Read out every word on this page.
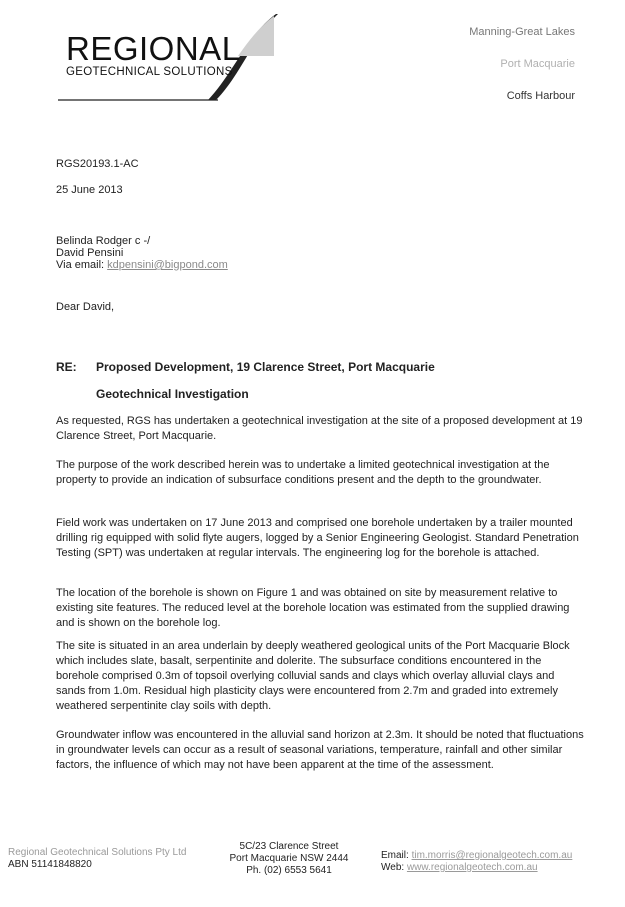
REGIONAL
GEOTECHNICAL SOLUTIONS
Manning-Great Lakes
Port Macquarie
Coffs Harbour
RGS20193.1-AC
25 June 2013
Belinda Rodger c -/
David Pensini
Via email: kdpensini@bigpond.com
Dear David,
RE: Proposed Development, 19 Clarence Street, Port Macquarie
Geotechnical Investigation
As requested, RGS has undertaken a geotechnical investigation at the site of a proposed development at 19 Clarence Street, Port Macquarie.
The purpose of the work described herein was to undertake a limited geotechnical investigation at the property to provide an indication of subsurface conditions present and the depth to the groundwater.
Field work was undertaken on 17 June 2013 and comprised one borehole undertaken by a trailer mounted drilling rig equipped with solid flyte augers, logged by a Senior Engineering Geologist. Standard Penetration Testing (SPT) was undertaken at regular intervals. The engineering log for the borehole is attached.
The location of the borehole is shown on Figure 1 and was obtained on site by measurement relative to existing site features. The reduced level at the borehole location was estimated from the supplied drawing and is shown on the borehole log.
The site is situated in an area underlain by deeply weathered geological units of the Port Macquarie Block which includes slate, basalt, serpentinite and dolerite. The subsurface conditions encountered in the borehole comprised 0.3m of topsoil overlying colluvial sands and clays which overlay alluvial clays and sands from 1.0m. Residual high plasticity clays were encountered from 2.7m and graded into extremely weathered serpentinite clay soils with depth.
Groundwater inflow was encountered in the alluvial sand horizon at 2.3m. It should be noted that fluctuations in groundwater levels can occur as a result of seasonal variations, temperature, rainfall and other similar factors, the influence of which may not have been apparent at the time of the assessment.
Regional Geotechnical Solutions Pty Ltd
ABN 51141848820
5C/23 Clarence Street
Port Macquarie NSW 2444
Ph. (02) 6553 5641
Email: tim.morris@regionalgeotech.com.au
Web: www.regionalgeotech.com.au
